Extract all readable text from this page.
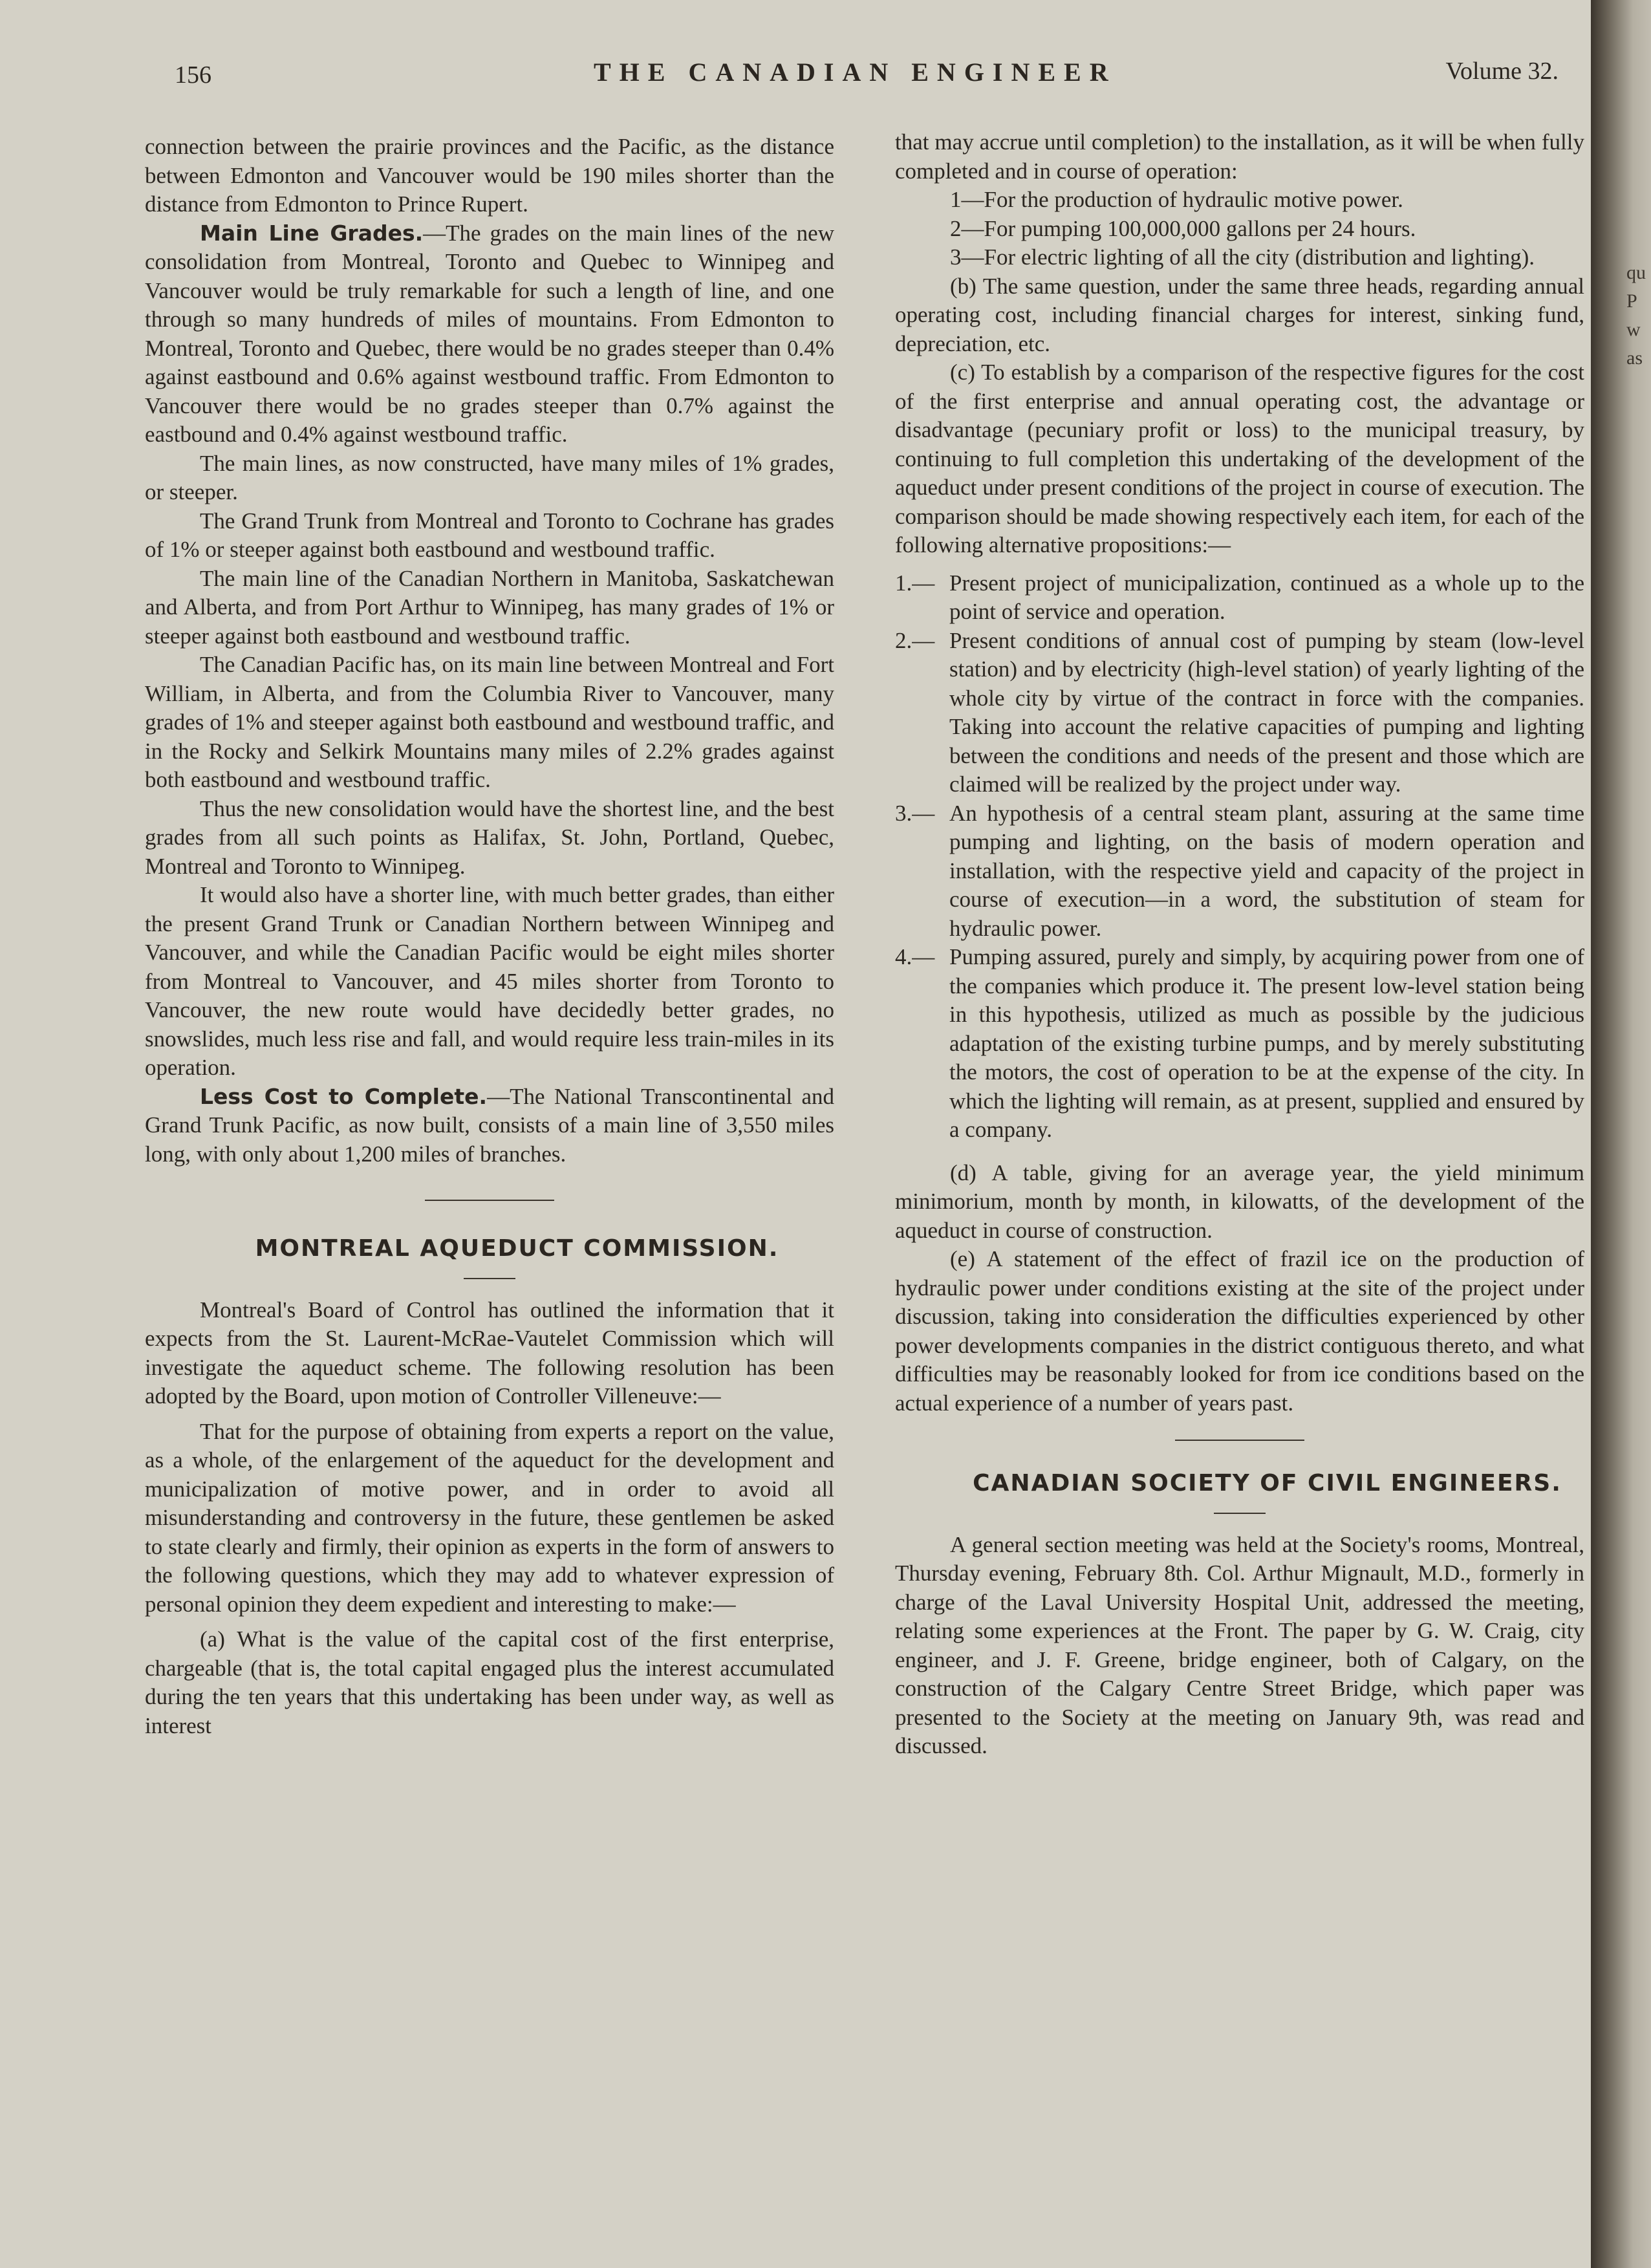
156	THE CANADIAN ENGINEER	Volume 32.

connection between the prairie provinces and the Pacific, as the distance between Edmonton and Vancouver would be 190 miles shorter than the distance from Edmonton to Prince Rupert.

Main Line Grades.—The grades on the main lines of the new consolidation from Montreal, Toronto and Quebec to Winnipeg and Vancouver would be truly remarkable for such a length of line, and one through so many hundreds of miles of mountains. From Edmonton to Montreal, Toronto and Quebec, there would be no grades steeper than 0.4% against eastbound and 0.6% against westbound traffic. From Edmonton to Vancouver there would be no grades steeper than 0.7% against the eastbound and 0.4% against westbound traffic.

The main lines, as now constructed, have many miles of 1% grades, or steeper.

The Grand Trunk from Montreal and Toronto to Cochrane has grades of 1% or steeper against both eastbound and westbound traffic.

The main line of the Canadian Northern in Manitoba, Saskatchewan and Alberta, and from Port Arthur to Winnipeg, has many grades of 1% or steeper against both eastbound and westbound traffic.

The Canadian Pacific has, on its main line between Montreal and Fort William, in Alberta, and from the Columbia River to Vancouver, many grades of 1% and steeper against both eastbound and westbound traffic, and in the Rocky and Selkirk Mountains many miles of 2.2% grades against both eastbound and westbound traffic.

Thus the new consolidation would have the shortest line, and the best grades from all such points as Halifax, St. John, Portland, Quebec, Montreal and Toronto to Winnipeg.

It would also have a shorter line, with much better grades, than either the present Grand Trunk or Canadian Northern between Winnipeg and Vancouver, and while the Canadian Pacific would be eight miles shorter from Montreal to Vancouver, and 45 miles shorter from Toronto to Vancouver, the new route would have decidedly better grades, no snowslides, much less rise and fall, and would require less train-miles in its operation.

Less Cost to Complete.—The National Transcontinental and Grand Trunk Pacific, as now built, consists of a main line of 3,550 miles long, with only about 1,200 miles of branches.

MONTREAL AQUEDUCT COMMISSION.

Montreal's Board of Control has outlined the information that it expects from the St. Laurent-McRae-Vautelet Commission which will investigate the aqueduct scheme. The following resolution has been adopted by the Board, upon motion of Controller Villeneuve:—

That for the purpose of obtaining from experts a report on the value, as a whole, of the enlargement of the aqueduct for the development and municipalization of motive power, and in order to avoid all misunderstanding and controversy in the future, these gentlemen be asked to state clearly and firmly, their opinion as experts in the form of answers to the following questions, which they may add to whatever expression of personal opinion they deem expedient and interesting to make:—

(a) What is the value of the capital cost of the first enterprise, chargeable (that is, the total capital engaged plus the interest accumulated during the ten years that this undertaking has been under way, as well as interest

that may accrue until completion) to the installation, as it will be when fully completed and in course of operation:

1—For the production of hydraulic motive power.

2—For pumping 100,000,000 gallons per 24 hours.

3—For electric lighting of all the city (distribution and lighting).

(b) The same question, under the same three heads, regarding annual operating cost, including financial charges for interest, sinking fund, depreciation, etc.

(c) To establish by a comparison of the respective figures for the cost of the first enterprise and annual operating cost, the advantage or disadvantage (pecuniary profit or loss) to the municipal treasury, by continuing to full completion this undertaking of the development of the aqueduct under present conditions of the project in course of execution. The comparison should be made showing respectively each item, for each of the following alternative propositions:—

1.— Present project of municipalization, continued as a whole up to the point of service and operation.
2.— Present conditions of annual cost of pumping by steam (low-level station) and by electricity (high-level station) of yearly lighting of the whole city by virtue of the contract in force with the companies. Taking into account the relative capacities of pumping and lighting between the conditions and needs of the present and those which are claimed will be realized by the project under way.
3.— An hypothesis of a central steam plant, assuring at the same time pumping and lighting, on the basis of modern operation and installation, with the respective yield and capacity of the project in course of execution—in a word, the substitution of steam for hydraulic power.
4.— Pumping assured, purely and simply, by acquiring power from one of the companies which produce it. The present low-level station being in this hypothesis, utilized as much as possible by the judicious adaptation of the existing turbine pumps, and by merely substituting the motors, the cost of operation to be at the expense of the city. In which the lighting will remain, as at present, supplied and ensured by a company.

(d) A table, giving for an average year, the yield minimum minimorium, month by month, in kilowatts, of the development of the aqueduct in course of construction.

(e) A statement of the effect of frazil ice on the production of hydraulic power under conditions existing at the site of the project under discussion, taking into consideration the difficulties experienced by other power developments companies in the district contiguous thereto, and what difficulties may be reasonably looked for from ice conditions based on the actual experience of a number of years past.

CANADIAN SOCIETY OF CIVIL ENGINEERS.

A general section meeting was held at the Society's rooms, Montreal, Thursday evening, February 8th. Col. Arthur Mignault, M.D., formerly in charge of the Laval University Hospital Unit, addressed the meeting, relating some experiences at the Front. The paper by G. W. Craig, city engineer, and J. F. Greene, bridge engineer, both of Calgary, on the construction of the Calgary Centre Street Bridge, which paper was presented to the Society at the meeting on January 9th, was read and discussed.

qu
P
w
as
